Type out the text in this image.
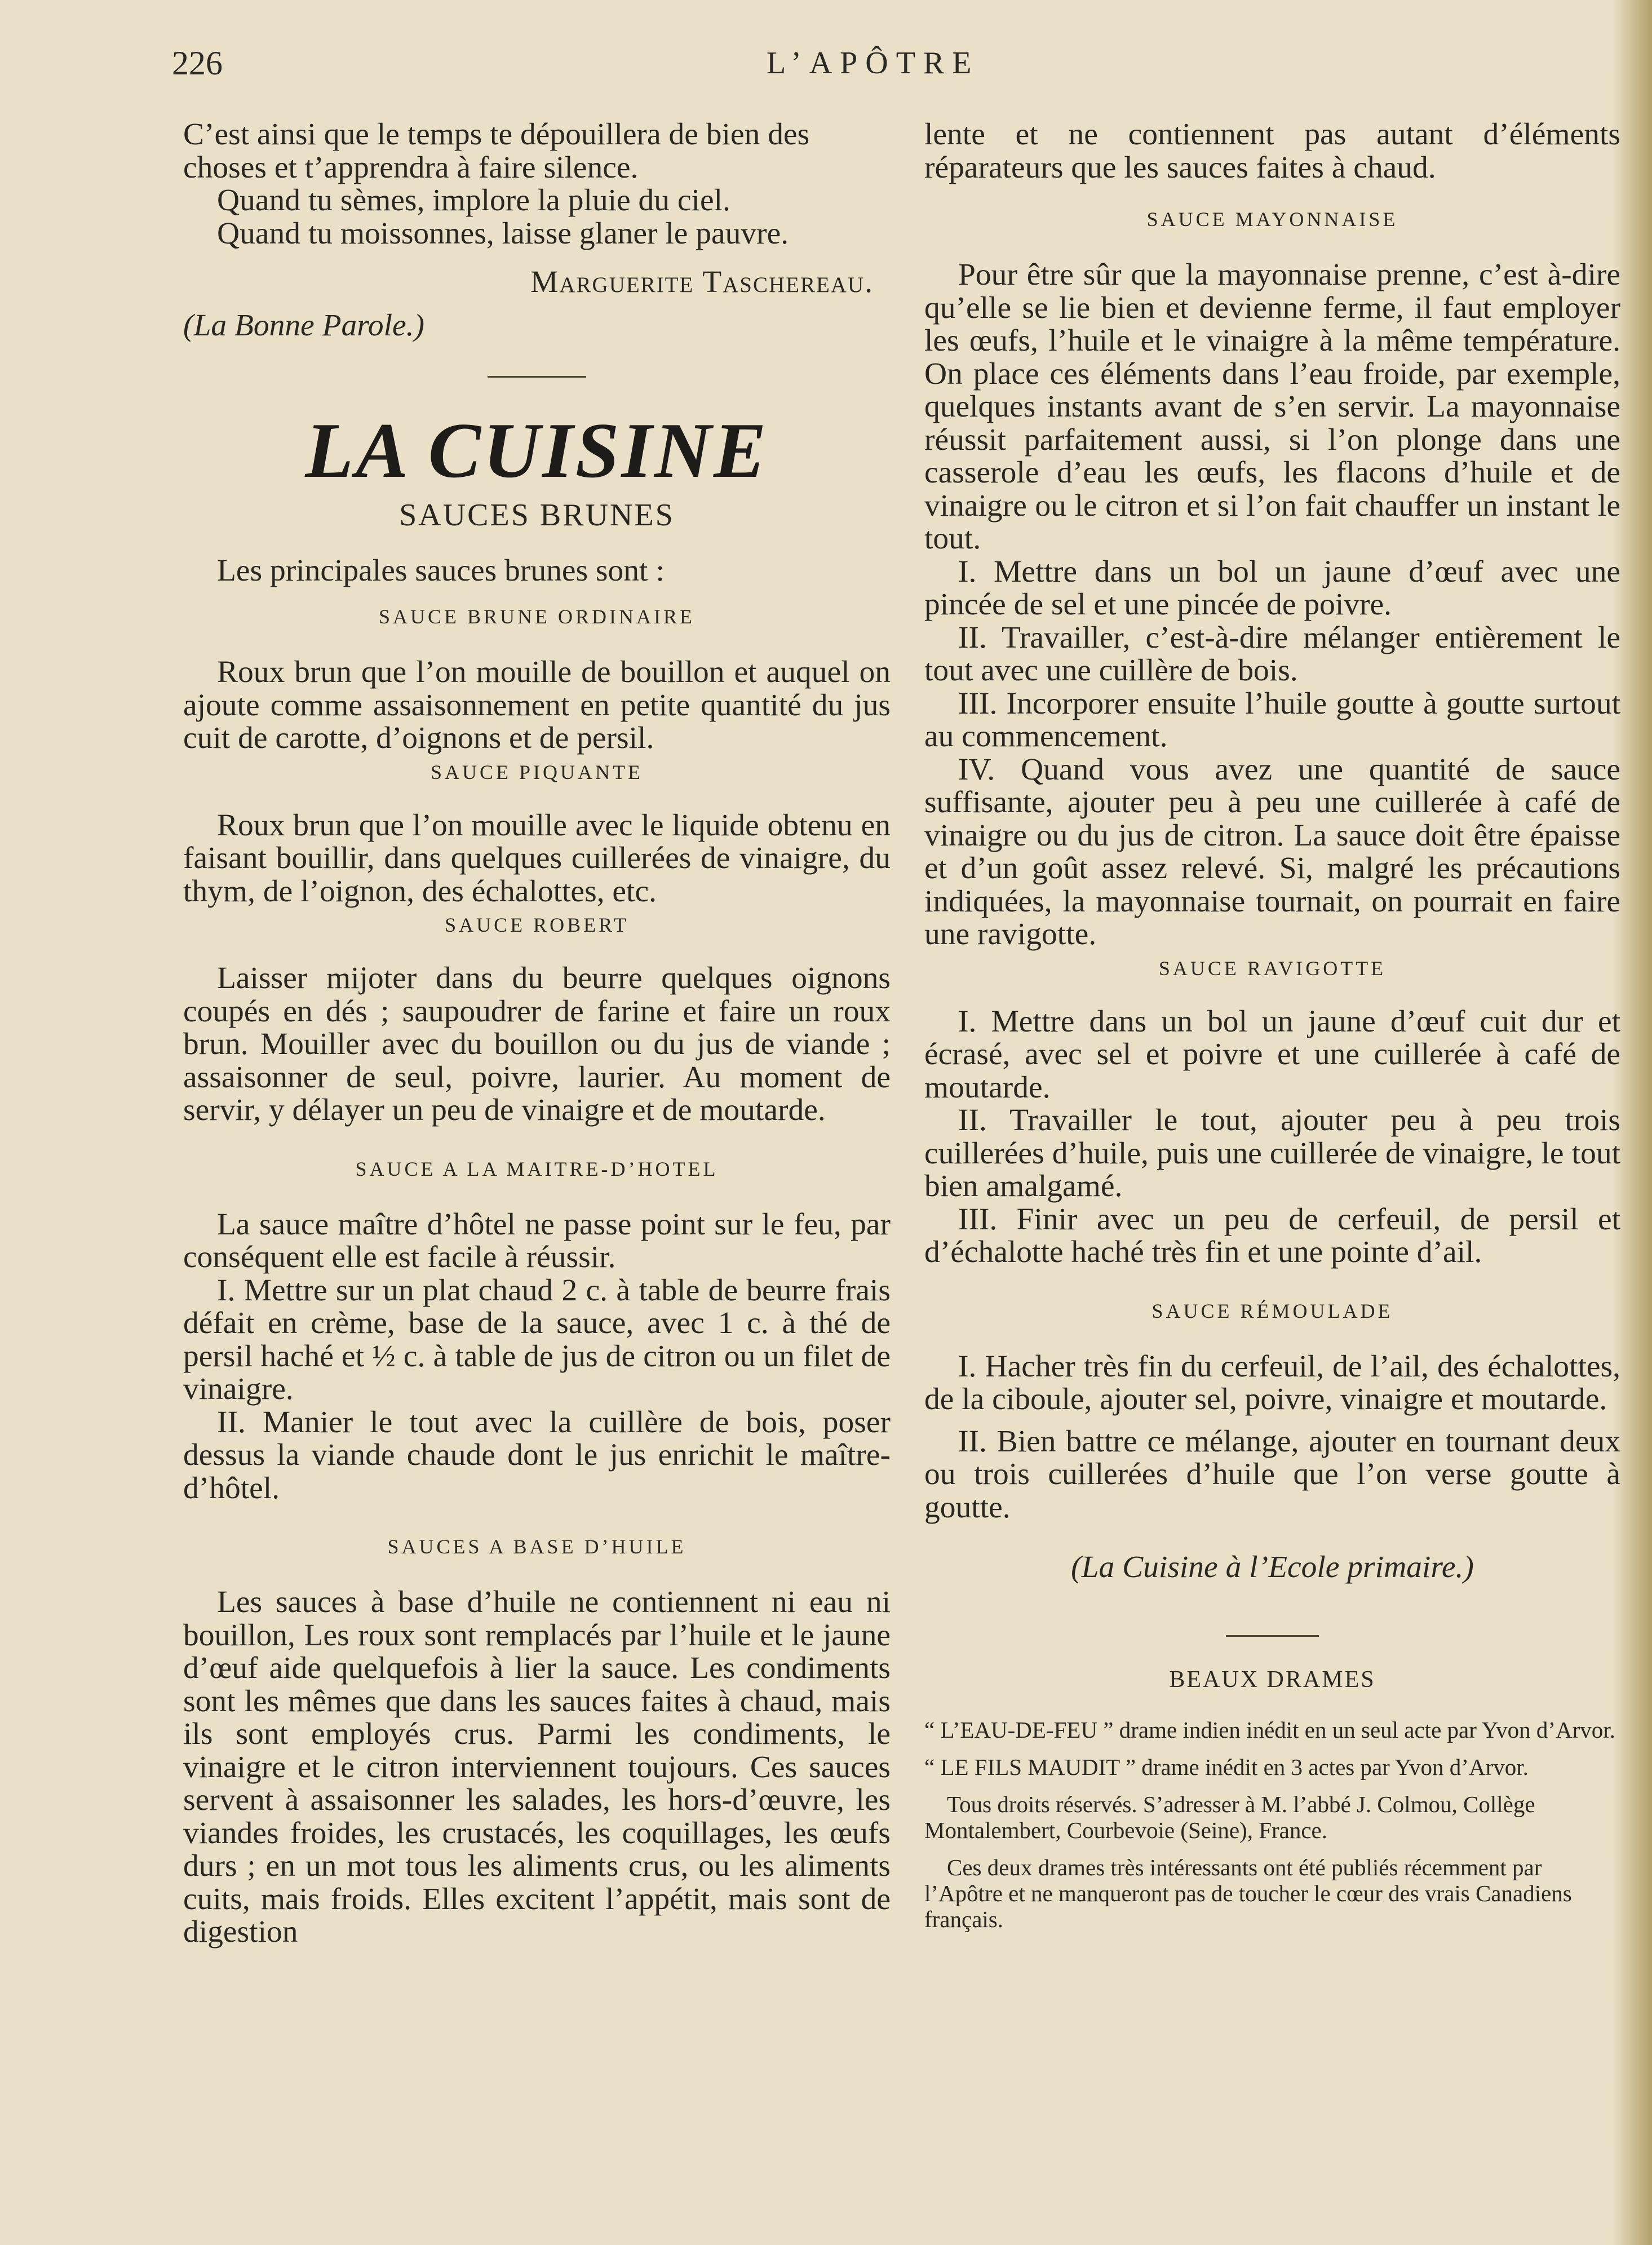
226	L’APÔTRE

C’est ainsi que le temps te dépouillera de bien des choses et t’apprendra à faire silence.

Quand tu sèmes, implore la pluie du ciel.

Quand tu moissonnes, laisse glaner le pauvre.

Marguerite Taschereau.

(La Bonne Parole.)

LA CUISINE
SAUCES BRUNES

Les principales sauces brunes sont :

SAUCE BRUNE ORDINAIRE

Roux brun que l’on mouille de bouillon et auquel on ajoute comme assaisonnement en petite quantité du jus cuit de carotte, d’oignons et de persil.

SAUCE PIQUANTE

Roux brun que l’on mouille avec le liquide obtenu en faisant bouillir, dans quelques cuillerées de vinaigre, du thym, de l’oignon, des échalottes, etc.

SAUCE ROBERT

Laisser mijoter dans du beurre quelques oignons coupés en dés ; saupoudrer de farine et faire un roux brun. Mouiller avec du bouillon ou du jus de viande ; assaisonner de seul, poivre, laurier. Au moment de servir, y délayer un peu de vinaigre et de moutarde.

SAUCE A LA MAITRE-D’HOTEL

La sauce maître d’hôtel ne passe point sur le feu, par conséquent elle est facile à réussir.

I. Mettre sur un plat chaud 2 c. à table de beurre frais défait en crème, base de la sauce, avec 1 c. à thé de persil haché et ½ c. à table de jus de citron ou un filet de vinaigre.

II. Manier le tout avec la cuillère de bois, poser dessus la viande chaude dont le jus enrichit le maître-d’hôtel.

SAUCES A BASE D’HUILE

Les sauces à base d’huile ne contiennent ni eau ni bouillon, Les roux sont remplacés par l’huile et le jaune d’œuf aide quelquefois à lier la sauce. Les condiments sont les mêmes que dans les sauces faites à chaud, mais ils sont employés crus. Parmi les condiments, le vinaigre et le citron interviennent toujours. Ces sauces servent à assaisonner les salades, les hors-d’œuvre, les viandes froides, les crustacés, les coquillages, les œufs durs ; en un mot tous les aliments crus, ou les aliments cuits, mais froids. Elles excitent l’appétit, mais sont de digestion

lente et ne contiennent pas autant d’éléments réparateurs que les sauces faites à chaud.

SAUCE MAYONNAISE

Pour être sûr que la mayonnaise prenne, c’est à-dire qu’elle se lie bien et devienne ferme, il faut employer les œufs, l’huile et le vinaigre à la même température. On place ces éléments dans l’eau froide, par exemple, quelques instants avant de s’en servir. La mayonnaise réussit parfaitement aussi, si l’on plonge dans une casserole d’eau les œufs, les flacons d’huile et de vinaigre ou le citron et si l’on fait chauffer un instant le tout.

I. Mettre dans un bol un jaune d’œuf avec une pincée de sel et une pincée de poivre.

II. Travailler, c’est-à-dire mélanger entièrement le tout avec une cuillère de bois.

III. Incorporer ensuite l’huile goutte à goutte surtout au commencement.

IV. Quand vous avez une quantité de sauce suffisante, ajouter peu à peu une cuillerée à café de vinaigre ou du jus de citron. La sauce doit être épaisse et d’un goût assez relevé. Si, malgré les précautions indiquées, la mayonnaise tournait, on pourrait en faire une ravigotte.

SAUCE RAVIGOTTE

I. Mettre dans un bol un jaune d’œuf cuit dur et écrasé, avec sel et poivre et une cuillerée à café de moutarde.

II. Travailler le tout, ajouter peu à peu trois cuillerées d’huile, puis une cuillerée de vinaigre, le tout bien amalgamé.

III. Finir avec un peu de cerfeuil, de persil et d’échalotte haché très fin et une pointe d’ail.

SAUCE RÉMOULADE

I. Hacher très fin du cerfeuil, de l’ail, des échalottes, de la ciboule, ajouter sel, poivre, vinaigre et moutarde.

II. Bien battre ce mélange, ajouter en tournant deux ou trois cuillerées d’huile que l’on verse goutte à goutte.

(La Cuisine à l’Ecole primaire.)

BEAUX DRAMES

“ L’EAU-DE-FEU ” drame indien inédit en un seul acte par Yvon d’Arvor.

“ LE FILS MAUDIT ” drame inédit en 3 actes par Yvon d’Arvor.

Tous droits réservés. S’adresser à M. l’abbé J. Colmou, Collège Montalembert, Courbevoie (Seine), France.

Ces deux drames très intéressants ont été publiés récemment par l’Apôtre et ne manqueront pas de toucher le cœur des vrais Canadiens français.
